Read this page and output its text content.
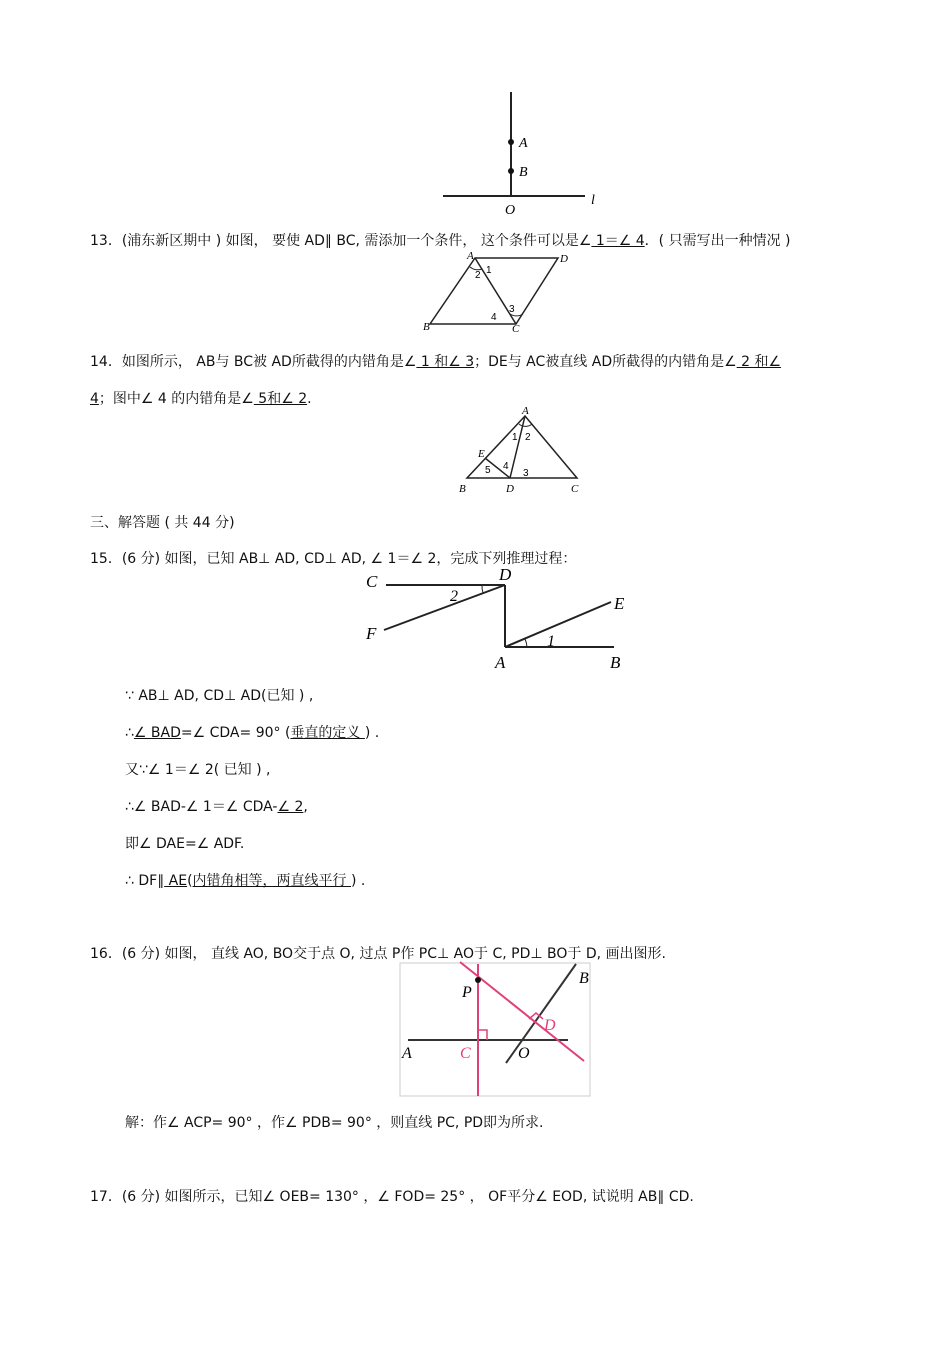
A
B
O
l
13．(浦东新区期中 ) 如图， 要使 AD∥ BC, 需添加一个条件， 这个条件可以是∠ 1＝∠ 4．( 只需写出一种情况 )
A	D
B	C
2 1
3
4
14．如图所示， AB与 BC被 AD所截得的内错角是∠ 1 和∠ 3；DE与 AC被直线 AD所截得的内错角是∠ 2 和∠
4；图中∠ 4 的内错角是∠ 5和∠ 2.
A
E
B	D	C
1 2
3
4
5
三、解答题 ( 共 44 分)
15．(6 分) 如图，已知 AB⊥ AD, CD⊥ AD, ∠ 1＝∠ 2，完成下列推理过程：
C	D
E
F
A	B
2
1
∵ AB⊥ AD, CD⊥ AD(已知 ) ,
∴∠ BAD=∠ CDA= 90° (垂直的定义 ) .
又∵∠ 1＝∠ 2( 已知 ) ,
∴∠ BAD-∠ 1＝∠ CDA-∠ 2,
即∠ DAE=∠ ADF.
∴ DF∥ AE(内错角相等，两直线平行 ) .
16．(6 分) 如图， 直线 AO, BO交于点 O, 过点 P作 PC⊥ AO于 C, PD⊥ BO于 D, 画出图形.
P
B
D
A	C	O
解：作∠ ACP= 90° ，作∠ PDB= 90° ，则直线 PC, PD即为所求.
17．(6 分) 如图所示，已知∠ OEB= 130° ，∠ FOD= 25° ， OF平分∠ EOD, 试说明 AB∥ CD.
